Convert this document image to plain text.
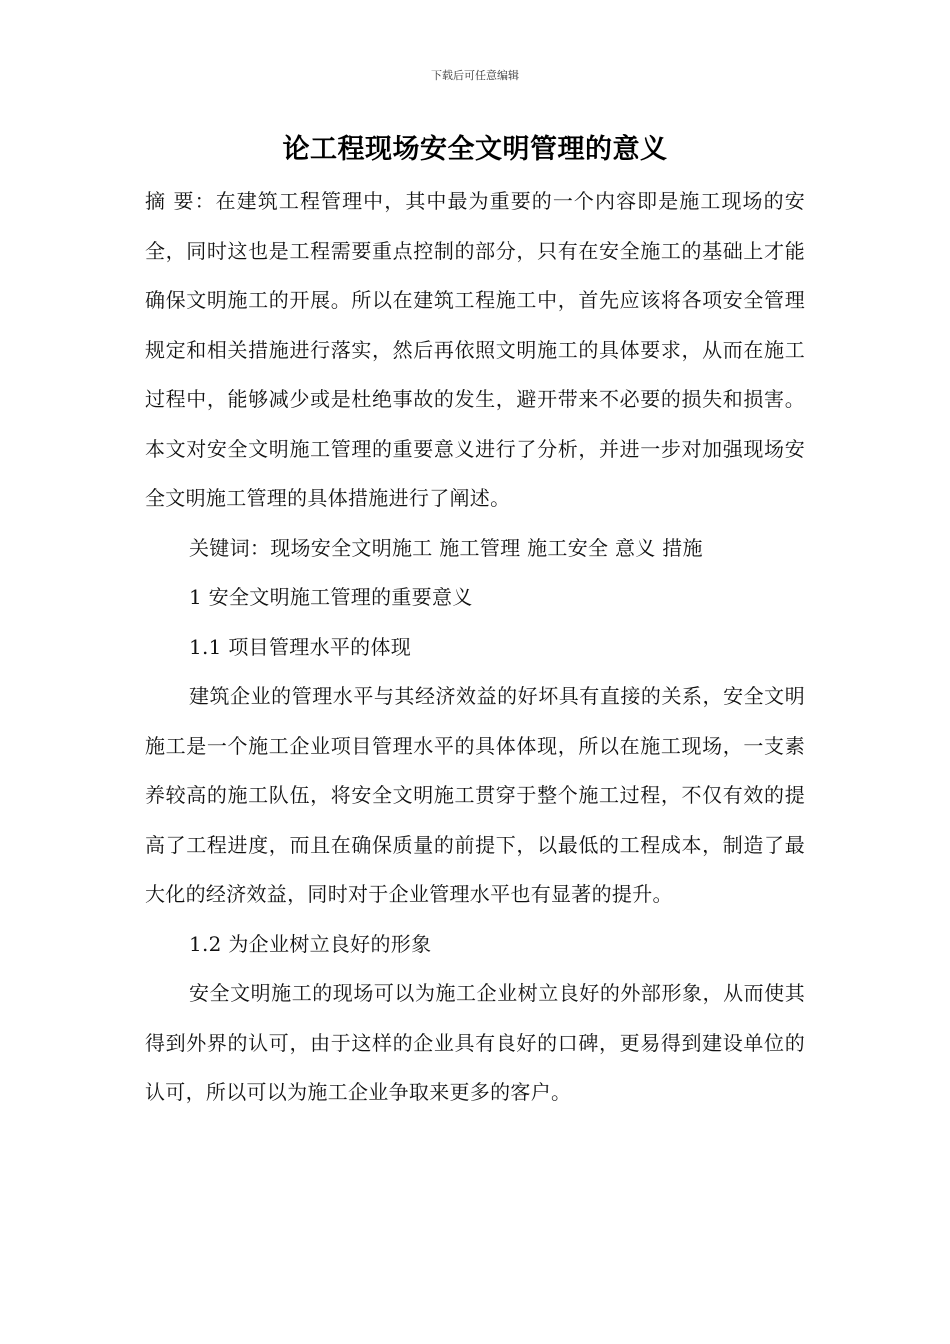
下载后可任意编辑
论工程现场安全文明管理的意义

摘 要：在建筑工程管理中，其中最为重要的一个内容即是施工现场的安全，同时这也是工程需要重点控制的部分，只有在安全施工的基础上才能确保文明施工的开展。所以在建筑工程施工中，首先应该将各项安全管理规定和相关措施进行落实，然后再依照文明施工的具体要求，从而在施工过程中，能够减少或是杜绝事故的发生，避开带来不必要的损失和损害。本文对安全文明施工管理的重要意义进行了分析，并进一步对加强现场安全文明施工管理的具体措施进行了阐述。

关键词：现场安全文明施工 施工管理 施工安全 意义 措施

1 安全文明施工管理的重要意义

1.1 项目管理水平的体现

建筑企业的管理水平与其经济效益的好坏具有直接的关系，安全文明施工是一个施工企业项目管理水平的具体体现，所以在施工现场，一支素养较高的施工队伍，将安全文明施工贯穿于整个施工过程，不仅有效的提高了工程进度，而且在确保质量的前提下，以最低的工程成本，制造了最大化的经济效益，同时对于企业管理水平也有显著的提升。

1.2 为企业树立良好的形象

安全文明施工的现场可以为施工企业树立良好的外部形象，从而使其得到外界的认可，由于这样的企业具有良好的口碑，更易得到建设单位的认可，所以可以为施工企业争取来更多的客户。
